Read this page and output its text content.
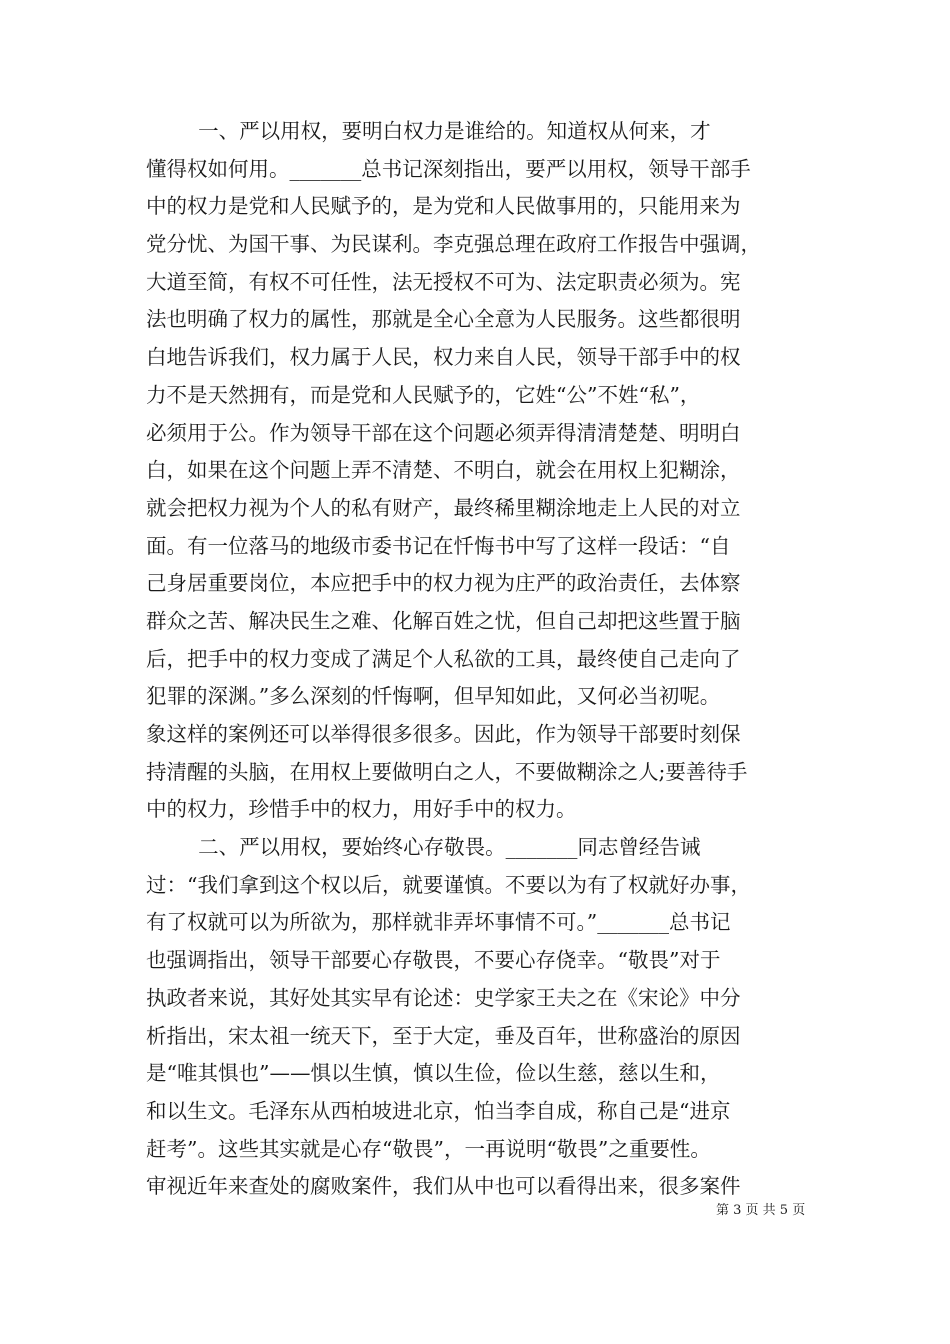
一、严以用权，要明白权力是谁给的。知道权从何来，才
懂得权如何用。_______总书记深刻指出，要严以用权，领导干部手
中的权力是党和人民赋予的，是为党和人民做事用的，只能用来为
党分忧、为国干事、为民谋利。李克强总理在政府工作报告中强调，
大道至简，有权不可任性，法无授权不可为、法定职责必须为。宪
法也明确了权力的属性，那就是全心全意为人民服务。这些都很明
白地告诉我们，权力属于人民，权力来自人民，领导干部手中的权
力不是天然拥有，而是党和人民赋予的，它姓“公”不姓“私”，
必须用于公。作为领导干部在这个问题必须弄得清清楚楚、明明白
白，如果在这个问题上弄不清楚、不明白，就会在用权上犯糊涂，
就会把权力视为个人的私有财产，最终稀里糊涂地走上人民的对立
面。有一位落马的地级市委书记在忏悔书中写了这样一段话：“自
己身居重要岗位，本应把手中的权力视为庄严的政治责任，去体察
群众之苦、解决民生之难、化解百姓之忧，但自己却把这些置于脑
后，把手中的权力变成了满足个人私欲的工具，最终使自己走向了
犯罪的深渊。”多么深刻的忏悔啊，但早知如此，又何必当初呢。
象这样的案例还可以举得很多很多。因此，作为领导干部要时刻保
持清醒的头脑，在用权上要做明白之人，不要做糊涂之人;要善待手
中的权力，珍惜手中的权力，用好手中的权力。
二、严以用权，要始终心存敬畏。_______同志曾经告诫
过：“我们拿到这个权以后，就要谨慎。不要以为有了权就好办事，
有了权就可以为所欲为，那样就非弄坏事情不可。”_______总书记
也强调指出，领导干部要心存敬畏，不要心存侥幸。“敬畏”对于
执政者来说，其好处其实早有论述：史学家王夫之在《宋论》中分
析指出，宋太祖一统天下，至于大定，垂及百年，世称盛治的原因
是“唯其惧也”——惧以生慎，慎以生俭，俭以生慈，慈以生和，
和以生文。毛泽东从西柏坡进北京，怕当李自成，称自己是“进京
赶考”。这些其实就是心存“敬畏”，一再说明“敬畏”之重要性。
审视近年来查处的腐败案件，我们从中也可以看得出来，很多案件
第 3 页 共 5 页
